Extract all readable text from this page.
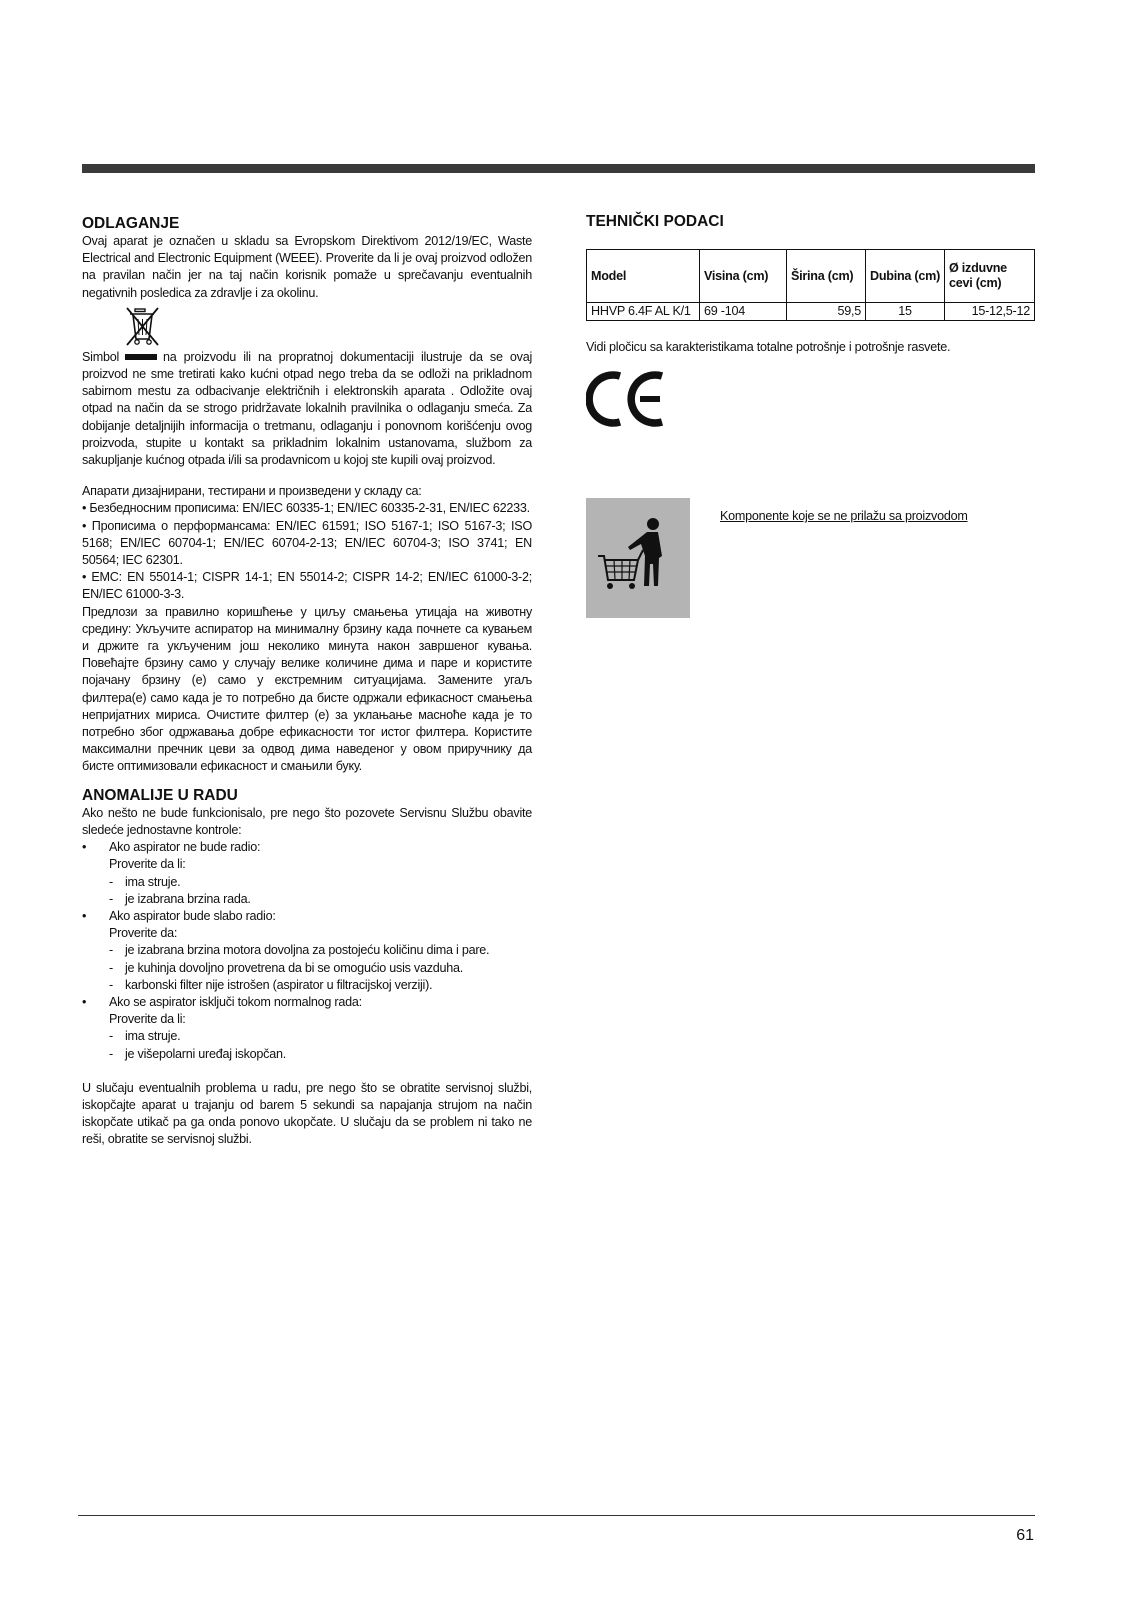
ODLAGANJE

Ovaj aparat je označen u skladu sa Evropskom Direktivom 2012/19/EC, Waste Electrical and Electronic Equipment (WEEE). Proverite da li je ovaj proizvod odložen na pravilan način jer na taj način korisnik pomaže u sprečavanju eventualnih negativnih posledica za zdravlje i za okolinu.

Simbol	na proizvodu ili na propratnoj dokumentaciji ilustruje da se ovaj proizvod ne sme tretirati kako kućni otpad nego treba da se odloži na prikladnom sabirnom mestu za odbacivanje električnih i elektronskih aparata . Odložite ovaj otpad na način da se strogo pridržavate lokalnih pravilnika o odlaganju smeća. Za dobijanje detaljnijih informacija o tretmanu, odlaganju i ponovnom korišćenju ovog proizvoda, stupite u kontakt sa prikladnim lokalnim ustanovama, službom za sakupljanje kućnog otpada i/ili sa prodavnicom u kojoj ste kupili ovaj proizvod.

Апарати дизајнирани, тестирани и произведени у складу са:

• Безбедносним прописима: EN/IEC 60335-1; EN/IEC 60335-2-31, EN/IEC 62233.

• Прописима о перформансама: EN/IEC 61591; ISO 5167-1; ISO 5167-3; ISO 5168; EN/IEC 60704-1; EN/IEC 60704-2-13; EN/IEC 60704-3; ISO 3741; EN 50564; IEC 62301.

• EMC: EN 55014-1; CISPR 14-1; EN 55014-2; CISPR 14-2; EN/IEC 61000-3-2; EN/IEC 61000-3-3.

Предлози за правилно коришћење у циљу смањења утицаја на животну средину: Укључите аспиратор на минималну брзину када почнете са кувањем и држите га укљученим још неколико минута након завршеног кувања. Повећајте брзину само у случају велике количине дима и паре и користите појачану брзину (е) само у екстремним ситуацијама. Замените угаљ филтера(е) само када је то потребно да бисте одржали ефикасност смањења непријатних мириса. Очистите филтер (е) за уклањање масноће када је то потребно због одржавања добре ефикасности тог истог филтера. Користите максимални пречник цеви за одвод дима наведеног у овом приручнику да бисте оптимизовали ефикасност и смањили буку.

ANOMALIJE U RADU

Ako nešto ne bude funkcionisalo, pre nego što pozovete Servisnu Službu obavite sledeće jednostavne kontrole:

• Ako aspirator ne bude radio:
Proverite da li:
- ima struje.
- je izabrana brzina rada.
• Ako aspirator bude slabo radio:
Proverite da:
- je izabrana brzina motora dovoljna za postojeću količinu dima i pare.
- je kuhinja dovoljno provetrena da bi se omogućio usis vazduha.
- karbonski filter nije istrošen (aspirator u filtracijskoj verziji).
• Ako se aspirator isključi tokom normalnog rada:
Proverite da li:
- ima struje.
- je višepolarni uređaj iskopčan.

U slučaju eventualnih problema u radu, pre nego što se obratite servisnoj službi, iskopčajte aparat u trajanju od barem 5 sekundi sa napajanja strujom na način iskopčate utikač pa ga onda ponovo ukopčate. U slučaju da se problem ni tako ne reši, obratite se servisnoj službi.

TEHNIČKI PODACI
Model	Visina (cm)	Širina (cm)	Dubina (cm)	Ø izduvne cevi (cm)
HHVP 6.4F AL K/1	69 -104	59,5	15	15-12,5-12

Vidi pločicu sa karakteristikama totalne potrošnje i potrošnje rasvete.

Komponente koje se ne prilažu sa proizvodom
61
